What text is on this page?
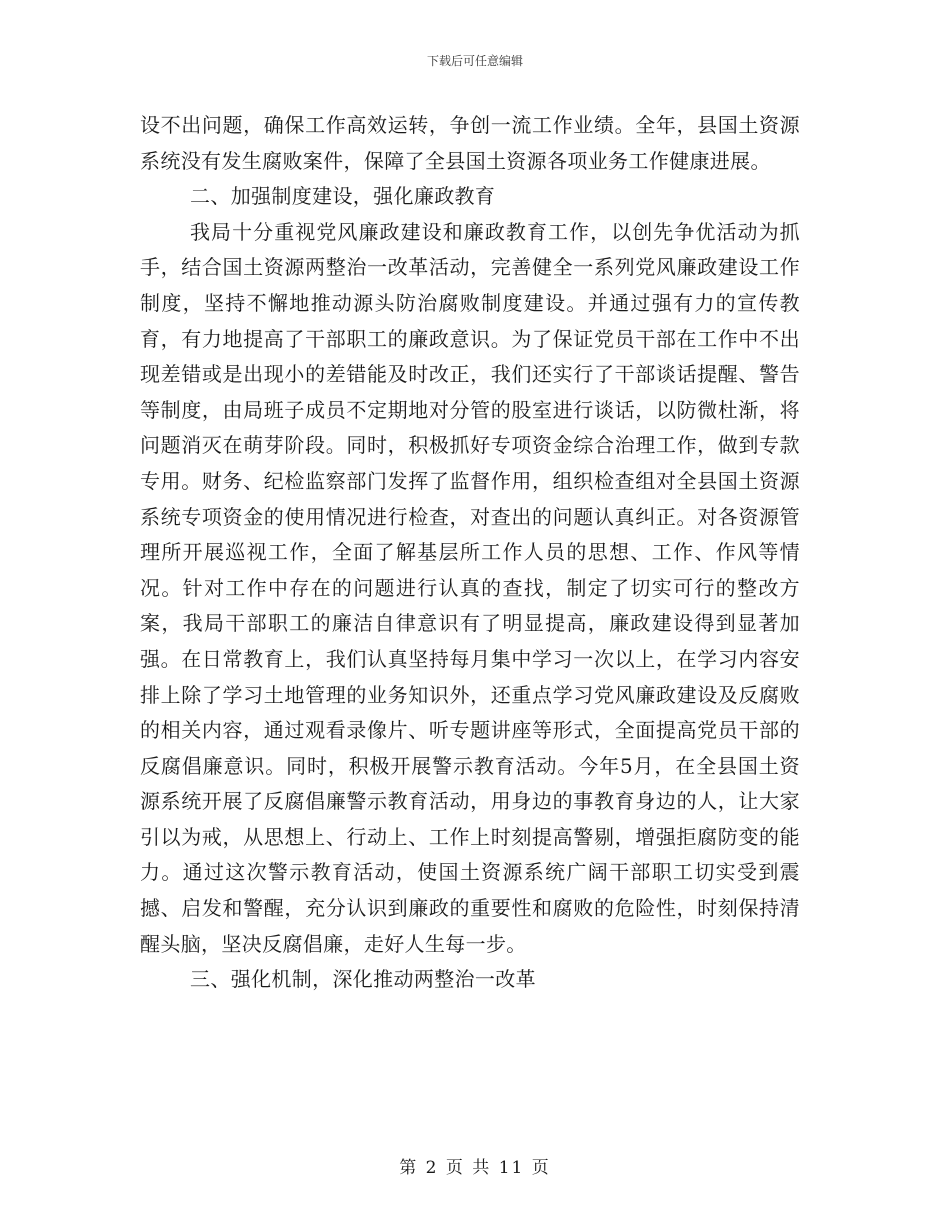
下载后可任意编辑

设不出问题，确保工作高效运转，争创一流工作业绩。全年，县国土资源系统没有发生腐败案件，保障了全县国土资源各项业务工作健康进展。

二、加强制度建设，强化廉政教育

我局十分重视党风廉政建设和廉政教育工作，以创先争优活动为抓手，结合国土资源两整治一改革活动，完善健全一系列党风廉政建设工作制度，坚持不懈地推动源头防治腐败制度建设。并通过强有力的宣传教育，有力地提高了干部职工的廉政意识。为了保证党员干部在工作中不出现差错或是出现小的差错能及时改正，我们还实行了干部谈话提醒、警告等制度，由局班子成员不定期地对分管的股室进行谈话，以防微杜渐，将问题消灭在萌芽阶段。同时，积极抓好专项资金综合治理工作，做到专款专用。财务、纪检监察部门发挥了监督作用，组织检查组对全县国土资源系统专项资金的使用情况进行检查，对查出的问题认真纠正。对各资源管理所开展巡视工作，全面了解基层所工作人员的思想、工作、作风等情况。针对工作中存在的问题进行认真的查找，制定了切实可行的整改方案，我局干部职工的廉洁自律意识有了明显提高，廉政建设得到显著加强。在日常教育上，我们认真坚持每月集中学习一次以上，在学习内容安排上除了学习土地管理的业务知识外，还重点学习党风廉政建设及反腐败的相关内容，通过观看录像片、听专题讲座等形式，全面提高党员干部的反腐倡廉意识。同时，积极开展警示教育活动。今年5月，在全县国土资源系统开展了反腐倡廉警示教育活动，用身边的事教育身边的人，让大家引以为戒，从思想上、行动上、工作上时刻提高警剔，增强拒腐防变的能力。通过这次警示教育活动，使国土资源系统广阔干部职工切实受到震撼、启发和警醒，充分认识到廉政的重要性和腐败的危险性，时刻保持清醒头脑，坚决反腐倡廉，走好人生每一步。

三、强化机制，深化推动两整治一改革

第 2 页 共 11 页
